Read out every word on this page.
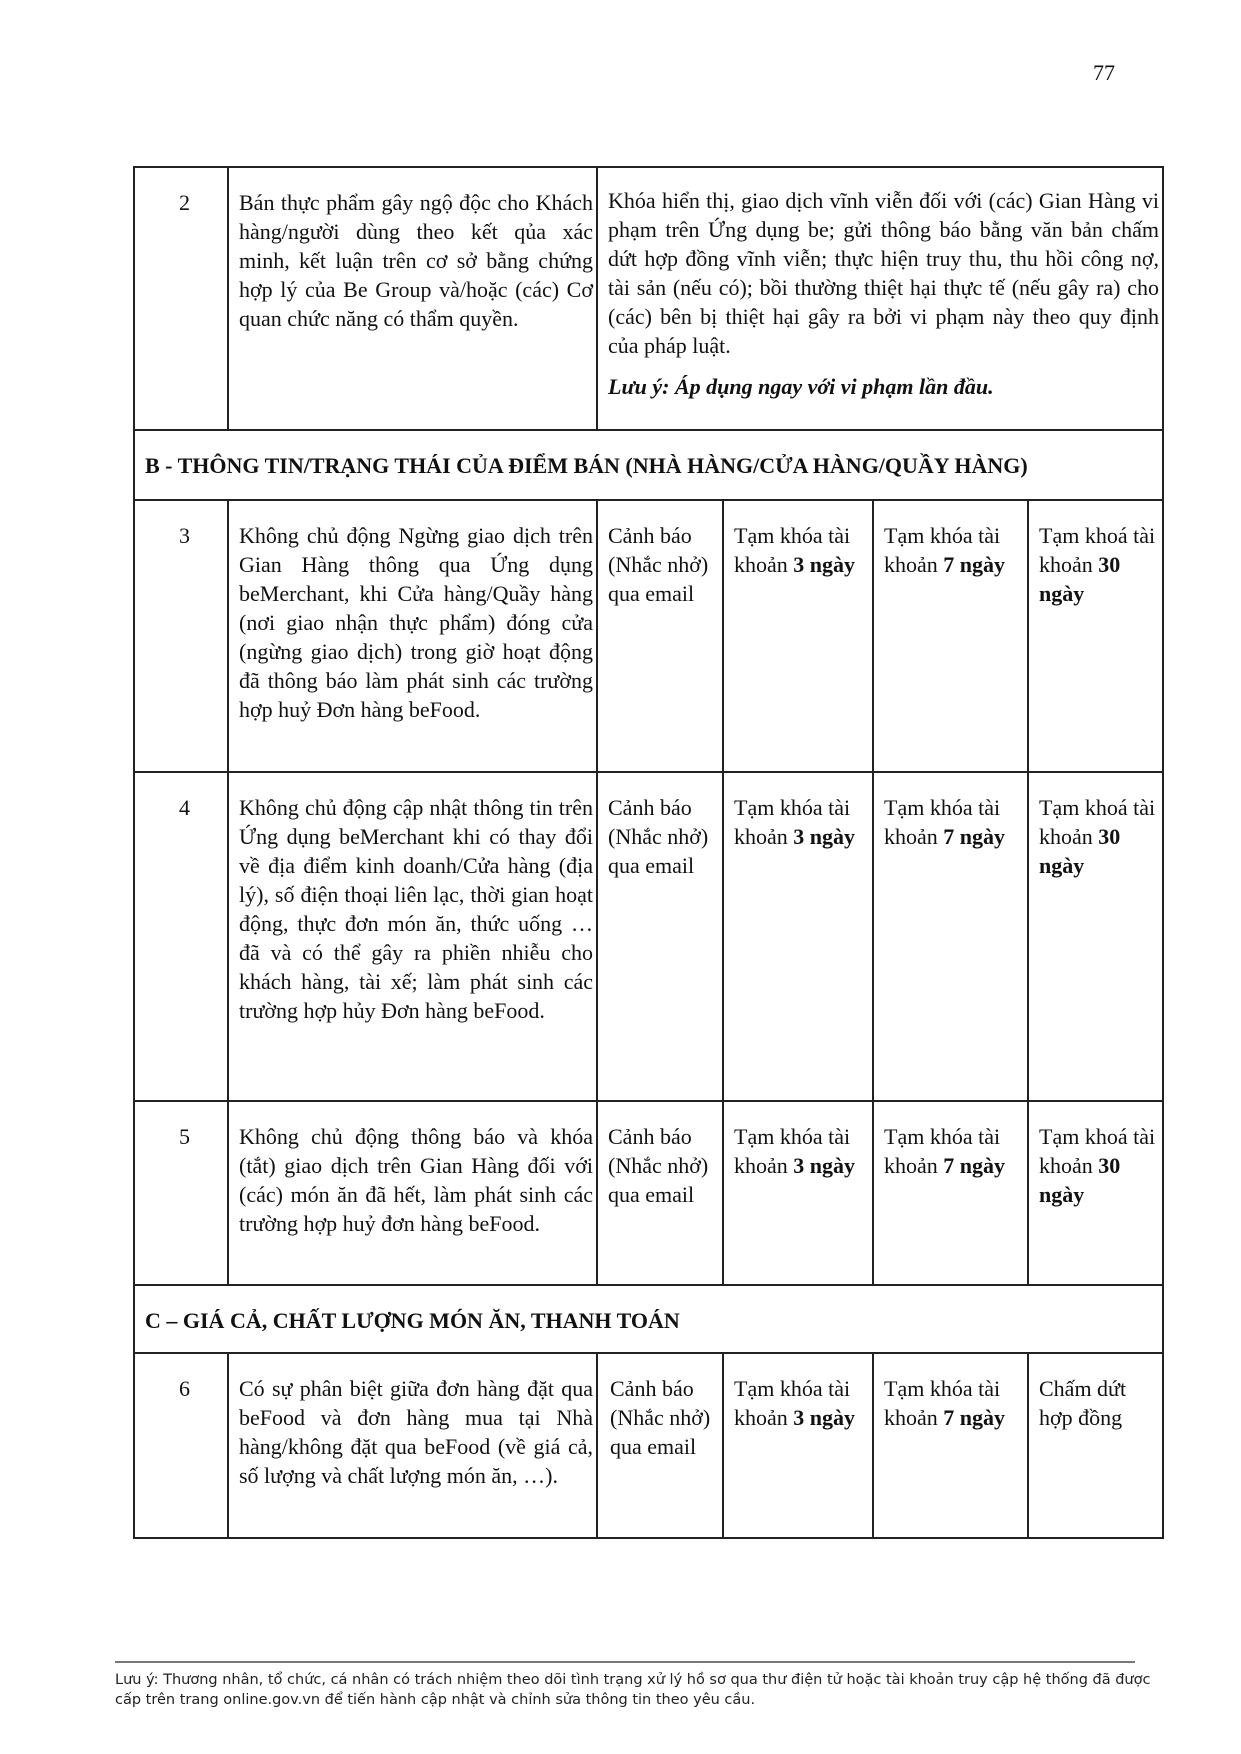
77
2	Bán thực phẩm gây ngộ độc cho Khách hàng/người dùng theo kết qủa xác minh, kết luận trên cơ sở bằng chứng hợp lý của Be Group và/hoặc (các) Cơ quan chức năng có thẩm quyền.	Khóa hiển thị, giao dịch vĩnh viễn đối với (các) Gian Hàng vi phạm trên Ứng dụng be; gửi thông báo bằng văn bản chấm dứt hợp đồng vĩnh viễn; thực hiện truy thu, thu hồi công nợ, tài sản (nếu có); bồi thường thiệt hại thực tế (nếu gây ra) cho (các) bên bị thiệt hại gây ra bởi vi phạm này theo quy định của pháp luật.

Lưu ý: Áp dụng ngay với vi phạm lần đầu.			

B - THÔNG TIN/TRẠNG THÁI CỦA ĐIỂM BÁN (NHÀ HÀNG/CỬA HÀNG/QUẦY HÀNG)					
3	Không chủ động Ngừng giao dịch trên Gian Hàng thông qua Ứng dụng beMerchant, khi Cửa hàng/Quầy hàng (nơi giao nhận thực phẩm) đóng cửa (ngừng giao dịch) trong giờ hoạt động đã thông báo làm phát sinh các trường hợp huỷ Đơn hàng beFood.	Cảnh báo (Nhắc nhở) qua email	Tạm khóa tài khoản 3 ngày	Tạm khóa tài khoản 7 ngày	Tạm khoá tài khoản 30 ngày
4	Không chủ động cập nhật thông tin trên Ứng dụng beMerchant khi có thay đổi về địa điểm kinh doanh/Cửa hàng (địa lý), số điện thoại liên lạc, thời gian hoạt động, thực đơn món ăn, thức uống … đã và có thể gây ra phiền nhiễu cho khách hàng, tài xế; làm phát sinh các trường hợp hủy Đơn hàng beFood.	Cảnh báo (Nhắc nhở) qua email	Tạm khóa tài khoản 3 ngày	Tạm khóa tài khoản 7 ngày	Tạm khoá tài khoản 30 ngày
5	Không chủ động thông báo và khóa (tắt) giao dịch trên Gian Hàng đối với (các) món ăn đã hết, làm phát sinh các trường hợp huỷ đơn hàng beFood.	Cảnh báo (Nhắc nhở) qua email	Tạm khóa tài khoản 3 ngày	Tạm khóa tài khoản 7 ngày	Tạm khoá tài khoản 30 ngày
C – GIÁ CẢ, CHẤT LƯỢNG MÓN ĂN, THANH TOÁN					
6	Có sự phân biệt giữa đơn hàng đặt qua beFood và đơn hàng mua tại Nhà hàng/không đặt qua beFood (về giá cả, số lượng và chất lượng món ăn, …).	Cảnh báo (Nhắc nhở) qua email	Tạm khóa tài khoản 3 ngày	Tạm khóa tài khoản 7 ngày	Chấm dứt hợp đồng
Lưu ý: Thương nhân, tổ chức, cá nhân có trách nhiệm theo dõi tình trạng xử lý hồ sơ qua thư điện tử hoặc tài khoản truy cập hệ thống đã được cấp trên trang online.gov.vn để tiến hành cập nhật và chỉnh sửa thông tin theo yêu cầu.
